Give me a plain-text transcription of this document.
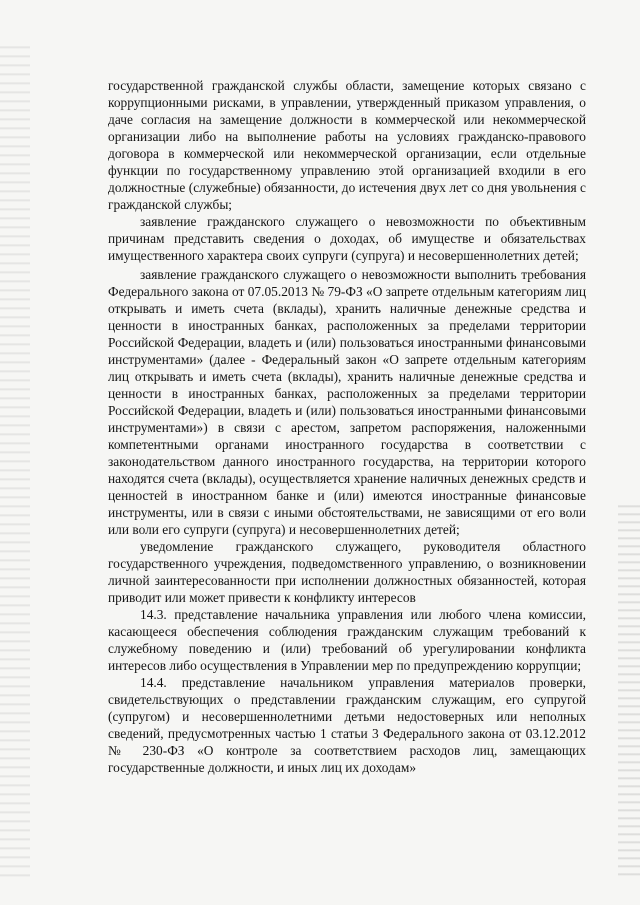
государственной гражданской службы области, замещение которых связано с коррупционными рисками, в управлении, утвержденный приказом управления, о даче согласия на замещение должности в коммерческой или некоммерческой организации либо на выполнение работы на условиях гражданско-правового договора в коммерческой или некоммерческой организации, если отдельные функции по государственному управлению этой организацией входили в его должностные (служебные) обязанности, до истечения двух лет со дня увольнения с гражданской службы;

заявление гражданского служащего о невозможности по объективным причинам представить сведения о доходах, об имуществе и обязательствах имущественного характера своих супруги (супруга) и несовершеннолетних детей;

заявление гражданского служащего о невозможности выполнить требования Федерального закона от 07.05.2013 № 79-ФЗ «О запрете отдельным категориям лиц открывать и иметь счета (вклады), хранить наличные денежные средства и ценности в иностранных банках, расположенных за пределами территории Российской Федерации, владеть и (или) пользоваться иностранными финансовыми инструментами» (далее - Федеральный закон «О запрете отдельным категориям лиц открывать и иметь счета (вклады), хранить наличные денежные средства и ценности в иностранных банках, расположенных за пределами территории Российской Федерации, владеть и (или) пользоваться иностранными финансовыми инструментами») в связи с арестом, запретом распоряжения, наложенными компетентными органами иностранного государства в соответствии с законодательством данного иностранного государства, на территории которого находятся счета (вклады), осуществляется хранение наличных денежных средств и ценностей в иностранном банке и (или) имеются иностранные финансовые инструменты, или в связи с иными обстоятельствами, не зависящими от его воли или воли его супруги (супруга) и несовершеннолетних детей;

уведомление гражданского служащего, руководителя областного государственного учреждения, подведомственного управлению, о возникновении личной заинтересованности при исполнении должностных обязанностей, которая приводит или может привести к конфликту интересов

14.3. представление начальника управления или любого члена комиссии, касающееся обеспечения соблюдения гражданским служащим требований к служебному поведению и (или) требований об урегулировании конфликта интересов либо осуществления в Управлении мер по предупреждению коррупции;

14.4. представление начальником управления материалов проверки, свидетельствующих о представлении гражданским служащим, его супругой (супругом) и несовершеннолетними детьми недостоверных или неполных сведений, предусмотренных частью 1 статьи 3 Федерального закона от 03.12.2012 № 230-ФЗ «О контроле за соответствием расходов лиц, замещающих государственные должности, и иных лиц их доходам»
